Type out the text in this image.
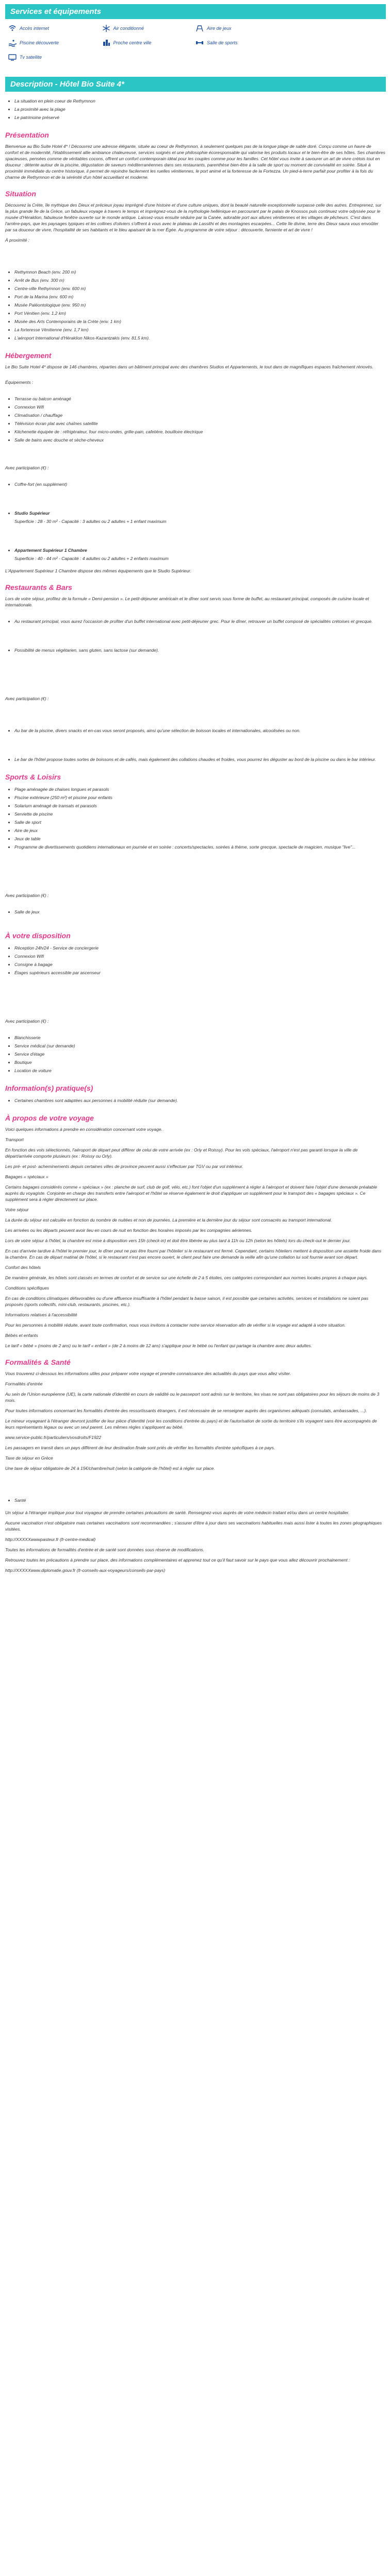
Services et équipements
Accès internet	Air conditionné	Aire de jeux
Piscine découverte	Proche centre ville	Salle de sports
Tv satellite
Description - Hôtel Bio Suite 4*
• La situation en plein coeur de Rethymnon
• La proximité avec la plage
• Le patrimoine préservé
Présentation

Bienvenue au Bio Suite Hotel 4* ! Découvrez une adresse élégante, située au coeur de Rethymnon, à seulement quelques pas de la longue plage de sable doré. Conçu comme un havre de confort et de modernité, l'établissement allie ambiance chaleureuse, services soignés et une philosophie écoresponsable qui valorise les produits locaux et le bien-être de ses hôtes. Ses chambres spacieuses, pensées comme de véritables cocons, offrent un confort contemporain idéal pour les couples comme pour les familles. Cet hôtel vous invite à savourer un art de vivre crétois tout en douceur : détente autour de la piscine, dégustation de saveurs méditerranéennes dans ses restaurants, parenthèse bien-être à la salle de sport ou moment de convivialité en soirée. Situé à proximité immédiate du centre historique, il permet de rejoindre facilement les ruelles vénitiennes, le port animé et la forteresse de la Fortezza. Un pied-à-terre parfait pour profiter à la fois du charme de Rethymnon et de la sérénité d'un hôtel accueillant et moderne.

Situation

Découvrez la Crète, île mythique des Dieux et précieux joyau imprégné d'une histoire et d'une culture uniques, dont la beauté naturelle exceptionnelle surpasse celle des autres. Entreprenez, sur la plus grande île de la Grèce, un fabuleux voyage à travers le temps et imprégnez-vous de la mythologie hellénique en parcourant par le palais de Knossos puis continuez votre odyssée pour le musée d'Héraklion, fabuleuse fenêtre ouverte sur le monde antique. Laissez-vous ensuite séduire par la Canée, adorable port aux allures vénitiennes et les villages de pêcheurs. C'est dans l'arrière-pays, que les paysages typiques et les collines d'oliviers s'offrent à vous avec le plateau de Lassithi et des montagnes escarpées... Cette île divine, terre des Dieux saura vous envoûter par sa douceur de vivre, l'hospitalité de ses habitants et le bleu apaisant de la mer Égée. Au programme de votre séjour : découverte, farniente et art de vivre !

À proximité :

• Rethymnon Beach (env. 200 m)
• Arrêt de Bus (env. 300 m)
• Centre-ville Rethymnon (env. 600 m)
• Port de la Marina (env. 600 m)
• Musée Paléontologique (env. 950 m)
• Port Vénitien (env. 1,2 km)
• Musée des Arts Contemporains de la Crète (env. 1 km)
• La forteresse Vénitienne (env. 1,7 km)
• L'aéroport International d'Héraklion Nikos-Kazantzakis (env. 81,5 km).
Hébergement

Le Bio Suite Hotel 4* dispose de 146 chambres, réparties dans un bâtiment principal avec des chambres Studios et Appartements, le tout dans de magnifiques espaces fraîchement rénovés.

Équipements :

• Terrasse ou balcon aménagé
• Connexion Wifi
• Climatisation / chauffage
• Télévision écran plat avec chaînes satellite
• Kitchenette équipée de : réfrigérateur, four micro-ondes, grille-pain, cafetière, bouilloire électrique
• Salle de bains avec douche et sèche-cheveux

Avec participation (€) :

• Coffre-fort (en supplément)
• Studio Supérieur
Superficie : 28 - 30 m² - Capacité : 3 adultes ou 2 adultes + 1 enfant maximum
• Appartement Supérieur 1 Chambre
Superficie : 40 - 44 m² - Capacité : 4 adultes ou 2 adultes + 2 enfants maximum

L'Appartement Supérieur 1 Chambre dispose des mêmes équipements que le Studio Supérieur.

Restaurants & Bars

Lors de votre séjour, profitez de la formule « Demi-pension ». Le petit-déjeuner américain et le dîner sont servis sous forme de buffet, au restaurant principal, composés de cuisine locale et internationale.

• Au restaurant principal, vous aurez l'occasion de profiter d'un buffet international avec petit-déjeuner grec. Pour le dîner, retrouver un buffet composé de spécialités crétoises et grecque.
• Possibilité de menus végétarien, sans gluten, sans lactose (sur demande).

Avec participation (€) :

• Au bar de la piscine, divers snacks et en-cas vous seront proposés, ainsi qu'une sélection de boisson locales et internationales, alcoolisées ou non.
• Le bar de l'hôtel propose toutes sortes de boissons et de cafés, mais également des collations chaudes et froides, vous pourrez les déguster au bord de la piscine ou dans le bar intérieur.
Sports & Loisirs
• Plage aménagée de chaises longues et parasols
• Piscine extérieure (250 m²) et piscine pour enfants
• Solarium aménagé de transats et parasols
• Serviette de piscine
• Salle de sport
• Aire de jeux
• Jeux de table
• Programme de divertissements quotidiens internationaux en journée et en soirée : concerts/spectacles, soirées à thème, sorte grecque, spectacle de magicien, musique "live"...

Avec participation (€) :

• Salle de jeux
À votre disposition
• Réception 24h/24 - Service de conciergerie
• Connexion Wifi
• Consigne à bagage
• Étages supérieurs accessible par ascenseur

Avec participation (€) :

• Blanchisserie
• Service médical (sur demande)
• Service d'étage
• Boutique
• Location de voiture
Information(s) pratique(s)
• Certaines chambres sont adaptées aux personnes à mobilité réduite (sur demande).
À propos de votre voyage

Voici quelques informations à prendre en considération concernant votre voyage.

Transport

En fonction des vols sélectionnés, l'aéroport de départ peut différer de celui de votre arrivée (ex : Orly et Roissy). Pour les vols spéciaux, l'aéroport n'est pas garanti lorsque la ville de départ/arrivée comporte plusieurs (ex : Roissy ou Orly).

Les pré- et post- acheminements depuis certaines villes de province peuvent aussi s'effectuer par TGV ou par vol intérieur.

Bagages « spéciaux »

Certains bagages considérés comme « spéciaux » (ex : planche de surf, club de golf, vélo, etc.) font l'objet d'un supplément à régler à l'aéroport et doivent faire l'objet d'une demande préalable auprès du voyagiste. Conjointe en charge des transferts entre l'aéroport et l'hôtel se réserve également le droit d'appliquer un supplément pour le transport des « bagages spéciaux ». Ce supplément sera à régler directement sur place.

Votre séjour

La durée du séjour est calculée en fonction du nombre de nuitées et non de journées. La première et la dernière jour du séjour sont consacrés au transport international.

Les arrivées ou les départs peuvent avoir lieu en cours de nuit en fonction des horaires imposés par les compagnies aériennes.

Lors de votre séjour à l'hôtel, la chambre est mise à disposition vers 15h (check-in) et doit être libérée au plus tard à 11h ou 12h (selon les hôtels) lors du check-out le dernier jour.

En cas d'arrivée tardive à l'hôtel le premier jour, le dîner peut ne pas être fourni par l'hôtelier si le restaurant est fermé. Cependant, certains hôteliers mettent à disposition une assiette froide dans la chambre. En cas de départ matinal de l'hôtel, si le restaurant n'est pas encore ouvert, le client peut faire une demande la veille afin qu'une collation lui soit fournie avant son départ.

Confort des hôtels

De manière générale, les hôtels sont classés en termes de confort et de service sur une échelle de 2 à 5 étoiles, ces catégories correspondant aux normes locales propres à chaque pays.

Conditions spécifiques

En cas de conditions climatiques défavorables ou d'une affluence insuffisante à l'hôtel pendant la basse saison, il est possible que certaines activités, services et installations ne soient pas proposés (sports collectifs, mini-club, restaurants, piscines, etc.).

Informations relatives à l'accessibilité

Pour les personnes à mobilité réduite, avant toute confirmation, nous vous invitons à contacter notre service réservation afin de vérifier si le voyage est adapté à votre situation.

Bébés et enfants

Le tarif « bébé » (moins de 2 ans) ou le tarif « enfant » (de 2 à moins de 12 ans) s'applique pour le bébé ou l'enfant qui partage la chambre avec deux adultes.

Formalités & Santé

Vous trouverez ci-dessous les informations utiles pour préparer votre voyage et prendre connaissance des actualités du pays que vous allez visiter.

Formalités d'entrée

Au sein de l'Union européenne (UE), la carte nationale d'identité en cours de validité ou le passeport sont admis sur le territoire, les visas ne sont pas obligatoires pour les séjours de moins de 3 mois.

Pour toutes informations concernant les formalités d'entrée des ressortissants étrangers, il est nécessaire de se renseigner auprès des organismes adéquats (consulats, ambassades, ...).

Le mineur voyageant à l'étranger devront justifier de leur pièce d'identité (voir les conditions d'entrée du pays) et de l'autorisation de sortie du territoire s'ils voyagent sans être accompagnés de leurs représentants légaux ou avec un seul parent. Les mêmes règles s'appliquent au bébé.

www.service-public.fr/particuliers/vosdroits/F1922

Les passagers en transit dans un pays différent de leur destination finale sont priés de vérifier les formalités d'entrée spécifiques à ce pays.

Taxe de séjour en Grèce

Une taxe de séjour obligatoire de 2€ à 15€/chambre/nuit (selon la catégorie de l'hôtel) est à régler sur place.

• Santé

Un séjour à l'étranger implique pour tout voyageur de prendre certaines précautions de santé. Renseignez-vous auprès de votre médecin traitant et/ou dans un centre hospitalier.

Aucune vaccination n'est obligatoire mais certaines vaccinations sont recommandées ; s'assurer d'être à jour dans ses vaccinations habituelles mais aussi lister à toutes les zones géographiques visitées.

http://XXXXXwwwpasteur.fr (fr-centre-medical)

Toutes les informations de formalités d'entrée et de santé sont données sous réserve de modifications.

Retrouvez toutes les précautions à prendre sur place, des informations complémentaires et apprenez tout ce qu'il faut savoir sur le pays que vous allez découvrir prochainement :

http://XXXXXwww.diplomatie.gouv.fr (fr-conseils-aux-voyageurs/conseils-par-pays)
